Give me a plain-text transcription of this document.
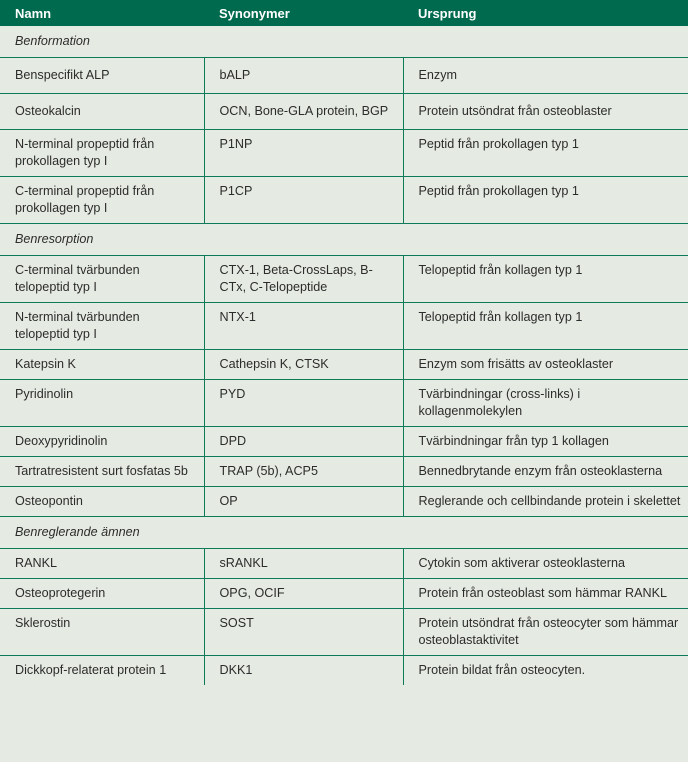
Namn	Synonymer	Ursprung
Benformation		
Benspecifikt ALP	bALP	Enzym
Osteokalcin	OCN, Bone-GLA protein, BGP	Protein utsöndrat från osteoblaster
N-terminal propeptid från prokollagen typ I	P1NP	Peptid från prokollagen typ 1
C-terminal propeptid från prokollagen typ I	P1CP	Peptid från prokollagen typ 1
Benresorption		
C-terminal tvärbunden telopeptid typ I	CTX-1, Beta-CrossLaps, B-CTx, C-Telopeptide	Telopeptid från kollagen typ 1
N-terminal tvärbunden telopeptid typ I	NTX-1	Telopeptid från kollagen typ 1
Katepsin K	Cathepsin K, CTSK	Enzym som frisätts av osteoklaster
Pyridinolin	PYD	Tvärbindningar (cross-links) i kollagenmolekylen
Deoxypyridinolin	DPD	Tvärbindningar från typ 1 kollagen
Tartratresistent surt fosfatas 5b	TRAP (5b), ACP5	Bennedbrytande enzym från osteoklasterna
Osteopontin	OP	Reglerande och cellbindande protein i skelettet
Benreglerande ämnen		
RANKL	sRANKL	Cytokin som aktiverar osteoklasterna
Osteoprotegerin	OPG, OCIF	Protein från osteoblast som hämmar RANKL
Sklerostin	SOST	Protein utsöndrat från osteocyter som hämmar osteoblastaktivitet
Dickkopf-relaterat protein 1	DKK1	Protein bildat från osteocyten.
